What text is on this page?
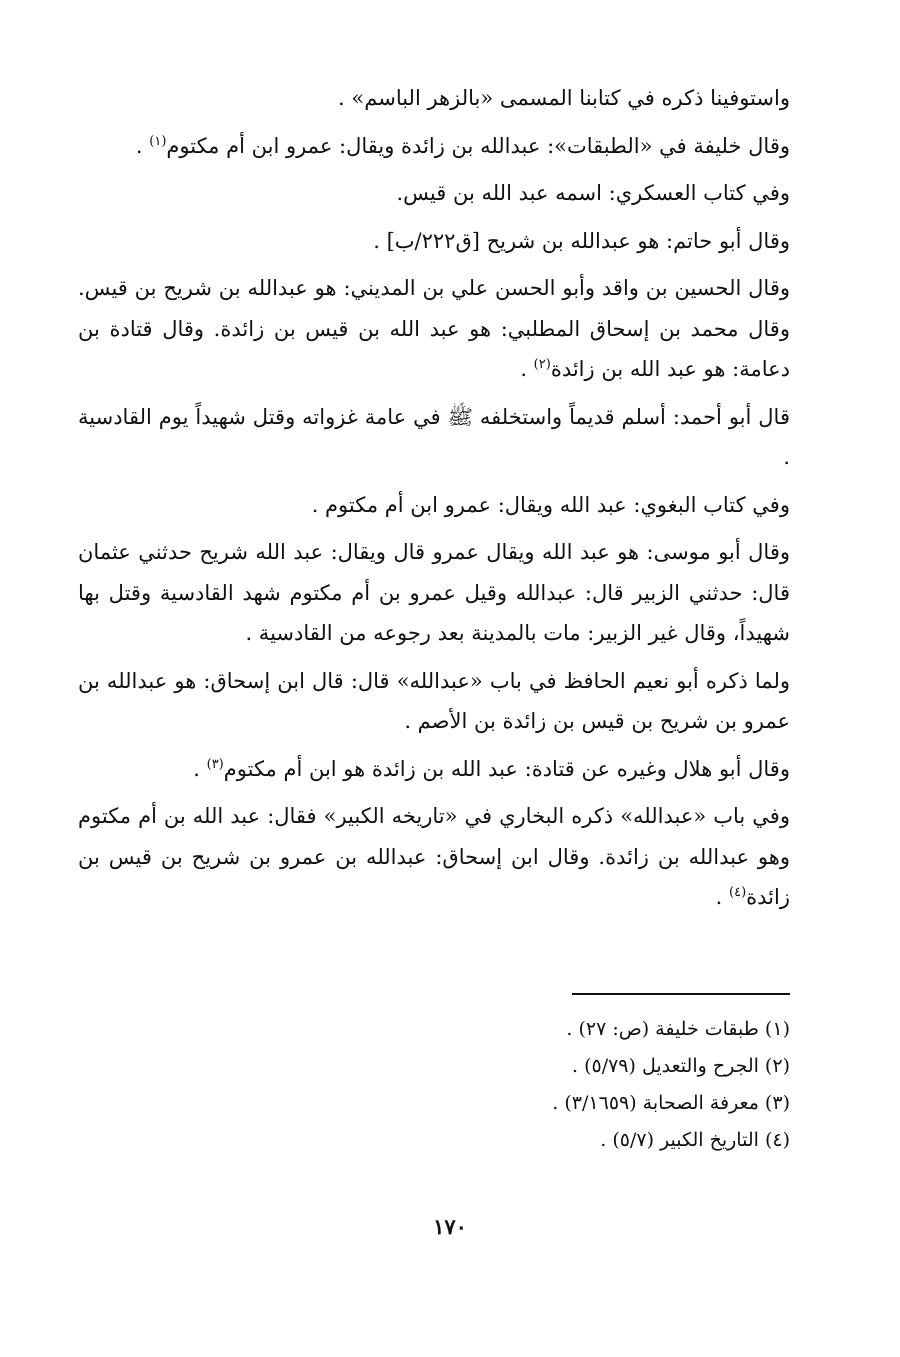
واستوفينا ذكره في كتابنا المسمى «بالزهر الباسم» .

وقال خليفة في «الطبقات»: عبدالله بن زائدة ويقال: عمرو ابن أم مكتوم$^{(١)}$ .

وفي كتاب العسكري: اسمه عبد الله بن قيس.

وقال أبو حاتم: هو عبدالله بن شريح [ق٢٢٢/ب] .

وقال الحسين بن واقد وأبو الحسن علي بن المديني: هو عبدالله بن شريح بن قيس. وقال محمد بن إسحاق المطلبي: هو عبد الله بن قيس بن زائدة. وقال قتادة بن دعامة: هو عبد الله بن زائدة$^{(٢)}$ .

قال أبو أحمد: أسلم قديماً واستخلفه ﷺ في عامة غزواته وقتل شهيداً يوم القادسية .

وفي كتاب البغوي: عبد الله ويقال: عمرو ابن أم مكتوم .

وقال أبو موسى: هو عبد الله ويقال عمرو قال ويقال: عبد الله شريح حدثني عثمان قال: حدثني الزبير قال: عبدالله وقيل عمرو بن أم مكتوم شهد القادسية وقتل بها شهيداً، وقال غير الزبير: مات بالمدينة بعد رجوعه من القادسية .

ولما ذكره أبو نعيم الحافظ في باب «عبدالله» قال: قال ابن إسحاق: هو عبدالله بن عمرو بن شريح بن قيس بن زائدة بن الأصم .

وقال أبو هلال وغيره عن قتادة: عبد الله بن زائدة هو ابن أم مكتوم$^{(٣)}$ .

وفي باب «عبدالله» ذكره البخاري في «تاريخه الكبير» فقال: عبد الله بن أم مكتوم وهو عبدالله بن زائدة. وقال ابن إسحاق: عبدالله بن عمرو بن شريح بن قيس بن زائدة$^{(٤)}$ .

(١) طبقات خليفة (ص: ٢٧) .

(٢) الجرح والتعديل (٥/٧٩) .

(٣) معرفة الصحابة (٣/١٦٥٩) .

(٤) التاريخ الكبير (٥/٧) .

١٧٠
